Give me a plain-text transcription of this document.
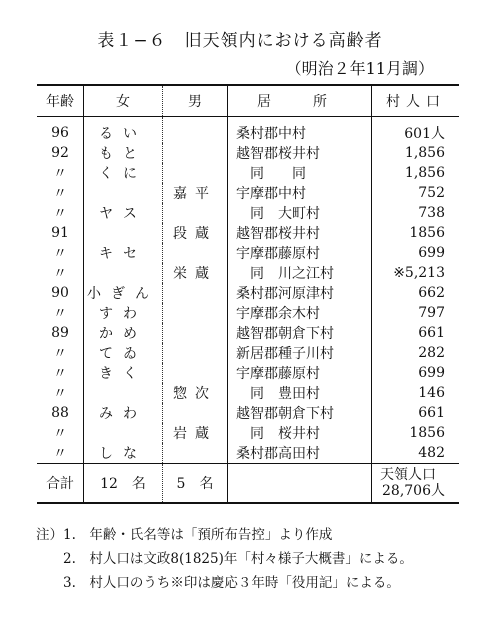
表１−６　旧天領内における高齢者
（明治２年11月調）
年齢	女	男	居　所	村人口
96	るい		桑村郡中村	601人
92	もと		越智郡桜井村	1,856
〃	くに		　同　　同	1,856
〃		嘉平	宇摩郡中村	752
〃	ヤス		　同　大町村	738
91		段蔵	越智郡桜井村	1856
〃	キセ		宇摩郡藤原村	699
〃		栄蔵	　同　川之江村	※5,213
90	小ぎん		桑村郡河原津村	662
〃	すわ		宇摩郡余木村	797
89	かめ		越智郡朝倉下村	661
〃	てゐ		新居郡種子川村	282
〃	きく		宇摩郡藤原村	699
〃		惣次	　同　豊田村	146
88	みわ		越智郡朝倉下村	661
〃		岩蔵	　同　桜井村	1856
〃	しな		桑村郡高田村	482
合計	12　名	5　名		天領人口
28,706人
注）1.　年齢・氏名等は「預所布告控」より作成
　　2.　村人口は文政8(1825)年「村々様子大概書」による。
　　3.　村人口のうち※印は慶応３年時「役用記」による。
